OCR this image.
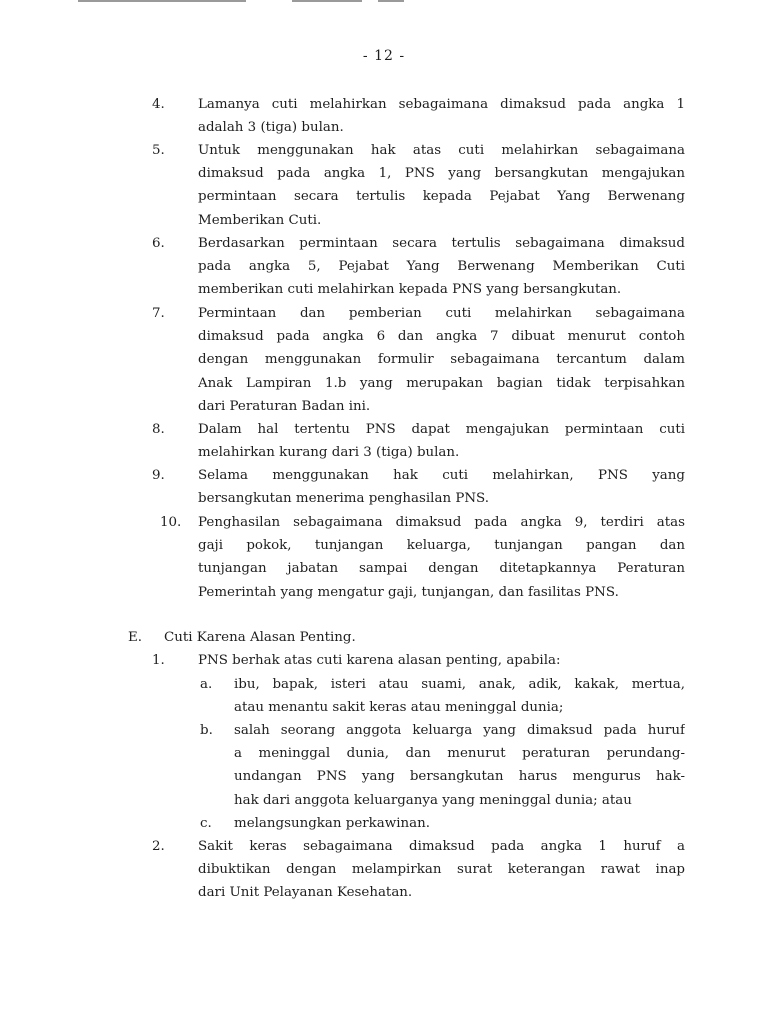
- 12 -
4.	Lamanya cuti melahirkan sebagaimana dimaksud pada angka 1
adalah 3 (tiga) bulan.
5.	Untuk menggunakan hak atas cuti melahirkan sebagaimana
dimaksud pada angka 1, PNS yang bersangkutan mengajukan
permintaan secara tertulis kepada Pejabat Yang Berwenang
Memberikan Cuti.
6.	Berdasarkan permintaan secara tertulis sebagaimana dimaksud
pada angka 5, Pejabat Yang Berwenang Memberikan Cuti
memberikan cuti melahirkan kepada PNS yang bersangkutan.
7.	Permintaan dan pemberian cuti melahirkan sebagaimana
dimaksud pada angka 6 dan angka 7 dibuat menurut contoh
dengan menggunakan formulir sebagaimana tercantum dalam
Anak Lampiran 1.b yang merupakan bagian tidak terpisahkan
dari Peraturan Badan ini.
8.	Dalam hal tertentu PNS dapat mengajukan permintaan cuti
melahirkan kurang dari 3 (tiga) bulan.
9.	Selama menggunakan hak cuti melahirkan, PNS yang
bersangkutan menerima penghasilan PNS.
10.	Penghasilan sebagaimana dimaksud pada angka 9, terdiri atas
gaji pokok, tunjangan keluarga, tunjangan pangan dan
tunjangan jabatan sampai dengan ditetapkannya Peraturan
Pemerintah yang mengatur gaji, tunjangan, dan fasilitas PNS.
E. Cuti Karena Alasan Penting.
1.	PNS berhak atas cuti karena alasan penting, apabila:
a.	ibu, bapak, isteri atau suami, anak, adik, kakak, mertua,
atau menantu sakit keras atau meninggal dunia;
b.	salah seorang anggota keluarga yang dimaksud pada huruf
a meninggal dunia, dan menurut peraturan perundang-
undangan PNS yang bersangkutan harus mengurus hak-
hak dari anggota keluarganya yang meninggal dunia; atau
c.	melangsungkan perkawinan.
2.	Sakit keras sebagaimana dimaksud pada angka 1 huruf a
dibuktikan dengan melampirkan surat keterangan rawat inap
dari Unit Pelayanan Kesehatan.
